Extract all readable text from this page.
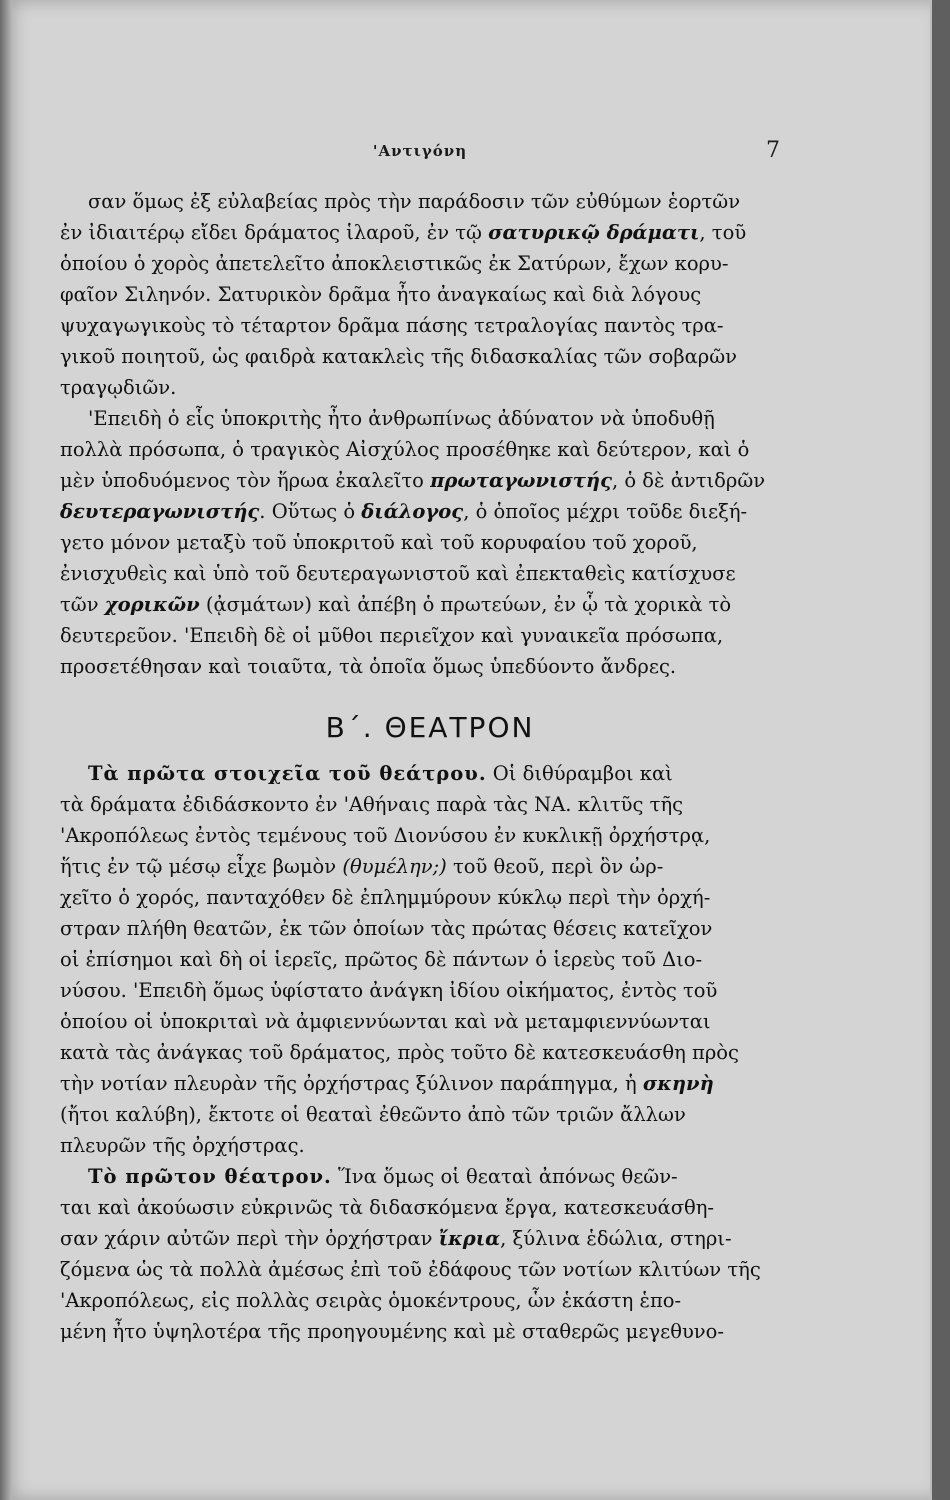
'Αντιγόνη	7
σαν ὅμως ἐξ εὐλαβείας πρὸς τὴν παράδοσιν τῶν εὐθύμων ἑορτῶν
ἐν ἰδιαιτέρῳ εἴδει δράματος ἱλαροῦ, ἐν τῷ σατυρικῷ δράματι, τοῦ
ὁποίου ὁ χορὸς ἀπετελεῖτο ἀποκλειστικῶς ἐκ Σατύρων, ἔχων κορυ-
φαῖον Σιληνόν. Σατυρικὸν δρᾶμα ἦτο ἀναγκαίως καὶ διὰ λόγους
ψυχαγωγικοὺς τὸ τέταρτον δρᾶμα πάσης τετραλογίας παντὸς τρα-
γικοῦ ποιητοῦ, ὡς φαιδρὰ κατακλεὶς τῆς διδασκαλίας τῶν σοβαρῶν
τραγῳδιῶν.
'Επειδὴ ὁ εἷς ὑποκριτὴς ἦτο ἀνθρωπίνως ἀδύνατον νὰ ὑποδυθῇ
πολλὰ πρόσωπα, ὁ τραγικὸς Αἰσχύλος προσέθηκε καὶ δεύτερον, καὶ ὁ
μὲν ὑποδυόμενος τὸν ἥρωα ἐκαλεῖτο πρωταγωνιστής, ὁ δὲ ἀντιδρῶν
δευτεραγωνιστής. Οὕτως ὁ διάλογος, ὁ ὁποῖος μέχρι τοῦδε διεξή-
γετο μόνον μεταξὺ τοῦ ὑποκριτοῦ καὶ τοῦ κορυφαίου τοῦ χοροῦ,
ἐνισχυθεὶς καὶ ὑπὸ τοῦ δευτεραγωνιστοῦ καὶ ἐπεκταθεὶς κατίσχυσε
τῶν χορικῶν (ᾀσμάτων) καὶ ἀπέβη ὁ πρωτεύων, ἐν ᾧ τὰ χορικὰ τὸ
δευτερεῦον. 'Επειδὴ δὲ οἱ μῦθοι περιεῖχον καὶ γυναικεῖα πρόσωπα,
προσετέθησαν καὶ τοιαῦτα, τὰ ὁποῖα ὅμως ὑπεδύοντο ἄνδρες.
Β΄. ΘΕΑΤΡΟΝ
Τὰ πρῶτα στοιχεῖα τοῦ θεάτρου. Οἱ διθύραμβοι καὶ
τὰ δράματα ἐδιδάσκοντο ἐν 'Αθήναις παρὰ τὰς ΝΑ. κλιτῦς τῆς
'Ακροπόλεως ἐντὸς τεμένους τοῦ Διονύσου ἐν κυκλικῇ ὀρχήστρᾳ,
ἥτις ἐν τῷ μέσῳ εἶχε βωμὸν (θυμέλην;) τοῦ θεοῦ, περὶ ὃν ὠρ-
χεῖτο ὁ χορός, πανταχόθεν δὲ ἐπλημμύρουν κύκλῳ περὶ τὴν ὀρχή-
στραν πλήθη θεατῶν, ἐκ τῶν ὁποίων τὰς πρώτας θέσεις κατεῖχον
οἱ ἐπίσημοι καὶ δὴ οἱ ἱερεῖς, πρῶτος δὲ πάντων ὁ ἱερεὺς τοῦ Διο-
νύσου. 'Επειδὴ ὅμως ὑφίστατο ἀνάγκη ἰδίου οἰκήματος, ἐντὸς τοῦ
ὁποίου οἱ ὑποκριταὶ νὰ ἀμφιεννύωνται καὶ νὰ μεταμφιεννύωνται
κατὰ τὰς ἀνάγκας τοῦ δράματος, πρὸς τοῦτο δὲ κατεσκευάσθη πρὸς
τὴν νοτίαν πλευρὰν τῆς ὀρχήστρας ξύλινον παράπηγμα, ἡ σκηνὴ
(ἤτοι καλύβη), ἔκτοτε οἱ θεαταὶ ἐθεῶντο ἀπὸ τῶν τριῶν ἄλλων
πλευρῶν τῆς ὀρχήστρας.
Τὸ πρῶτον θέατρον. Ἵνα ὅμως οἱ θεαταὶ ἀπόνως θεῶν-
ται καὶ ἀκούωσιν εὐκρινῶς τὰ διδασκόμενα ἔργα, κατεσκευάσθη-
σαν χάριν αὐτῶν περὶ τὴν ὀρχήστραν ἴκρια, ξύλινα ἑδώλια, στηρι-
ζόμενα ὡς τὰ πολλὰ ἀμέσως ἐπὶ τοῦ ἐδάφους τῶν νοτίων κλιτύων τῆς
'Ακροπόλεως, εἰς πολλὰς σειρὰς ὁμοκέντρους, ὧν ἑκάστη ἑπο-
μένη ἦτο ὑψηλοτέρα τῆς προηγουμένης καὶ μὲ σταθερῶς μεγεθυνο-
